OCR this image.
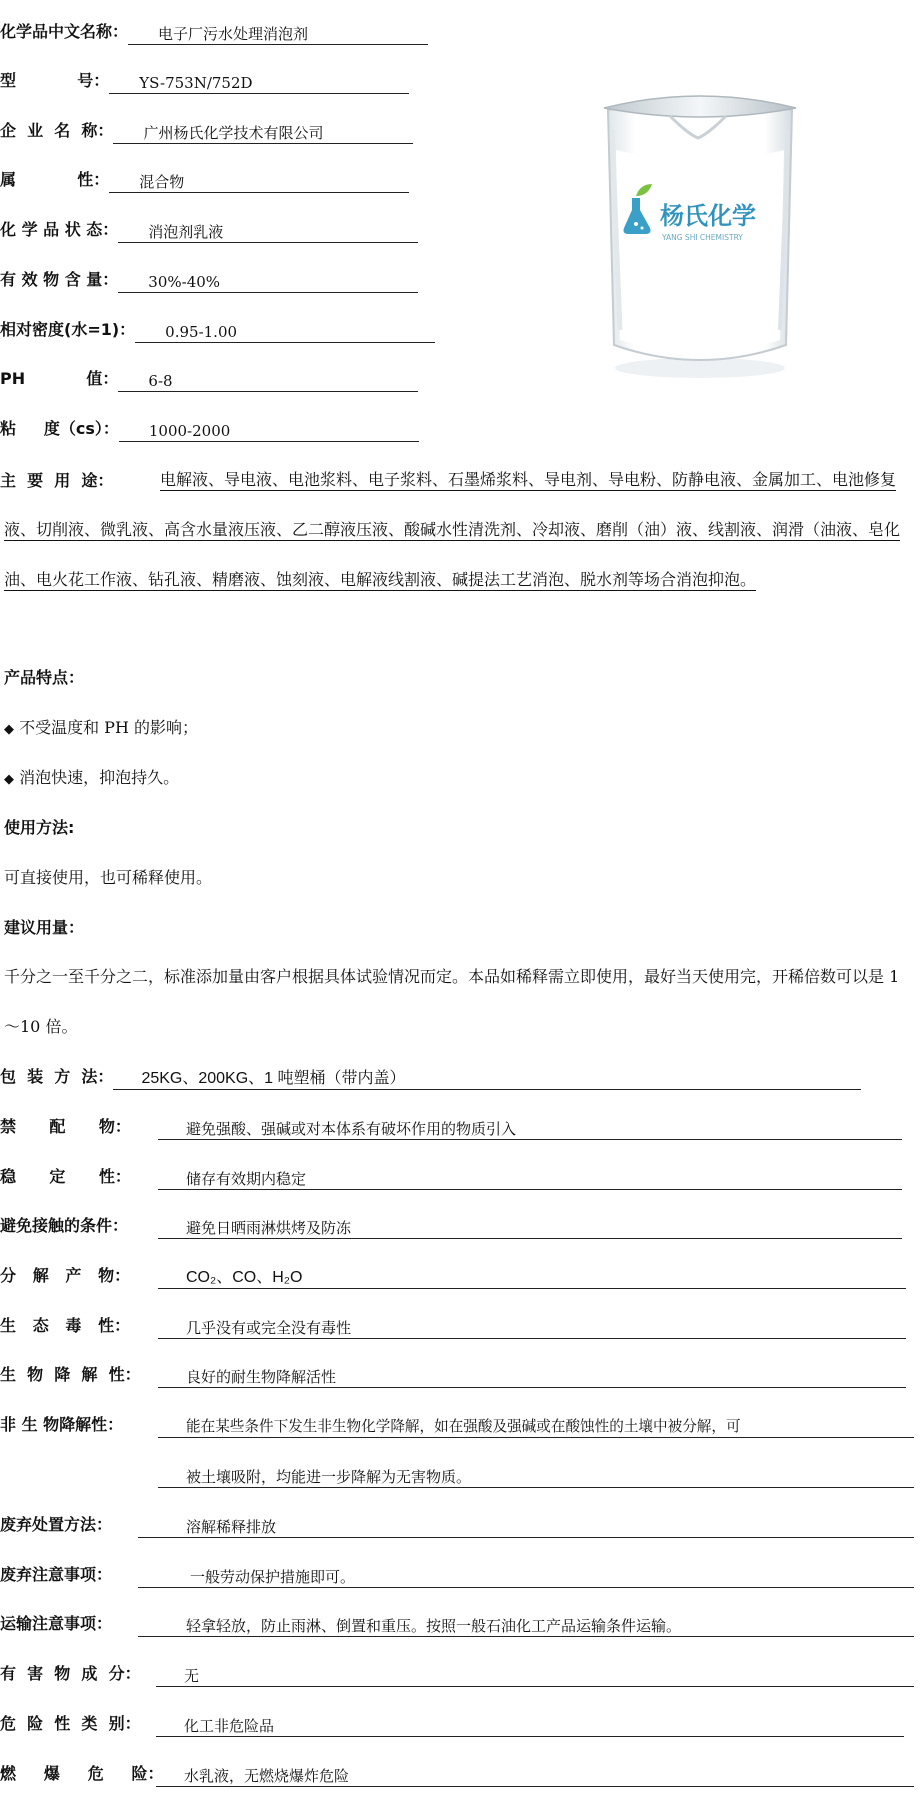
化学品中文名称：	电子厂污水处理消泡剂
型           号：	YS-753N/752D
企  业  名  称：	广州杨氏化学技术有限公司
属           性：	混合物
化 学 品 状 态：	消泡剂乳液
有 效 物 含 量：	30%-40%
相对密度(水=1)：	0.95-1.00
PH           值：	6-8
粘     度（cs）：	1000-2000
杨氏化学
YANG SHI CHEMISTRY
主  要  用  途：	电解液、导电液、电池浆料、电子浆料、石墨烯浆料、导电剂、导电粉、防静电液、金属加工、电池修复液、切削液、微乳液、高含水量液压液、乙二醇液压液、酸碱水性清洗剂、冷却液、磨削（油）液、线割液、润滑（油液、皂化油、电火花工作液、钻孔液、精磨液、蚀刻液、电解液线割液、碱提法工艺消泡、脱水剂等场合消泡抑泡。

产品特点：
◆ 不受温度和 PH 的影响；
◆ 消泡快速，抑泡持久。
使用方法:
可直接使用，也可稀释使用。
建议用量：

千分之一至千分之二，标准添加量由客户根据具体试验情况而定。本品如稀释需立即使用，最好当天使用完，开稀倍数可以是 1～10 倍。

包  装  方  法：	25KG、200KG、1 吨塑桶（带内盖）
禁      配      物：	避免强酸、强碱或对本体系有破坏作用的物质引入
稳      定      性：	储存有效期内稳定
避免接触的条件：	避免日晒雨淋烘烤及防冻
分   解   产   物：	CO₂、CO、H₂O
生   态   毒   性：	几乎没有或完全没有毒性
生  物  降  解  性：	良好的耐生物降解活性
非 生 物降解性：	能在某些条件下发生非生物化学降解，如在强酸及强碱或在酸蚀性的土壤中被分解，可
被土壤吸附，均能进一步降解为无害物质。
废弃处置方法：	溶解稀释排放
废弃注意事项：	一般劳动保护措施即可。
运输注意事项：	轻拿轻放，防止雨淋、倒置和重压。按照一般石油化工产品运输条件运输。
有  害  物  成  分：	无
危  险  性  类  别：	化工非危险品
燃     爆     危     险：	水乳液，无燃烧爆炸危险
